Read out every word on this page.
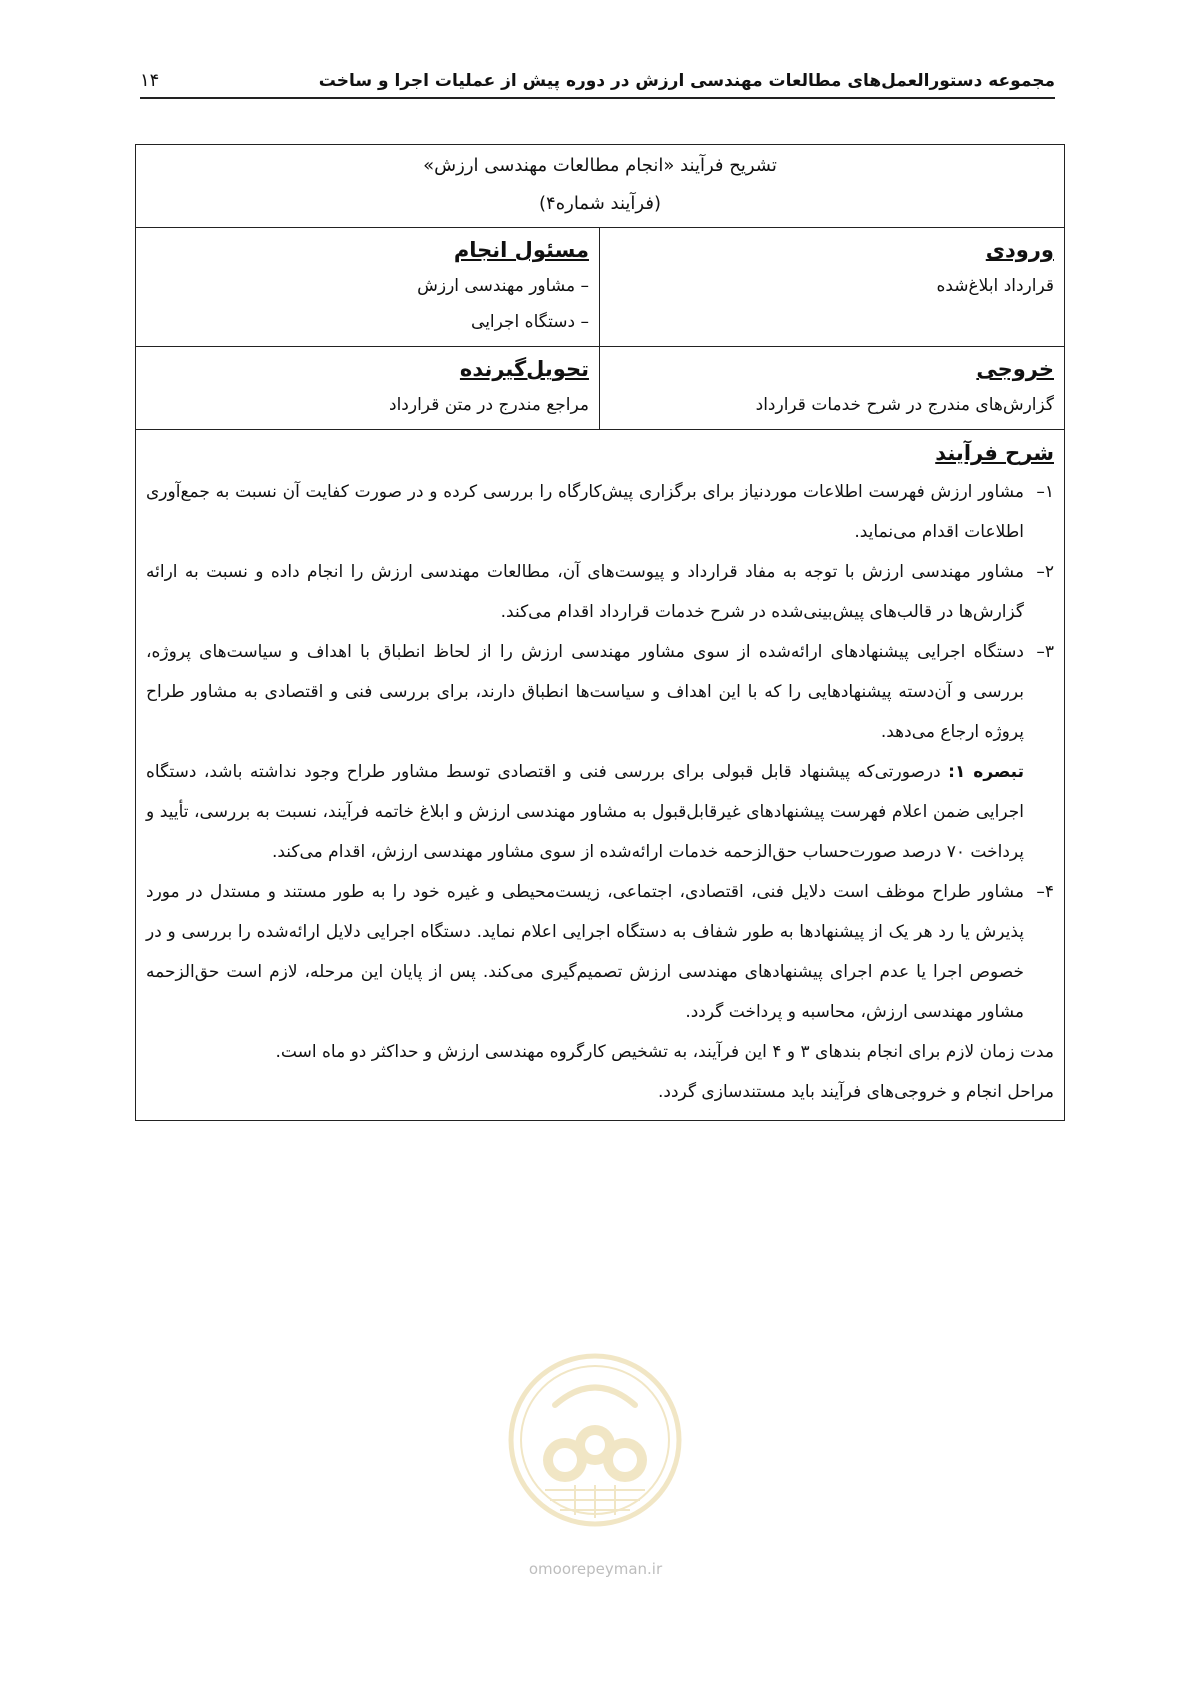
مجموعه دستورالعمل‌های مطالعات مهندسی ارزش در دوره پیش از عملیات اجرا و ساخت
۱۴
تشریح فرآیند «انجام مطالعات مهندسی ارزش»
(فرآیند شماره۴)
ورودی
قرارداد ابلاغ‌شده
مسئول انجام
– مشاور مهندسی ارزش
– دستگاه اجرایی
خروجی
گزارش‌های مندرج در شرح خدمات قرارداد
تحویل‌گیرنده
مراجع مندرج در متن قرارداد
شرح فرآیند
۱–
مشاور ارزش فهرست اطلاعات موردنیاز برای برگزاری پیش‌کارگاه را بررسی کرده و در صورت کفایت آن نسبت به جمع‌آوری اطلاعات اقدام می‌نماید.
۲–
مشاور مهندسی ارزش با توجه به مفاد قرارداد و پیوست‌های آن، مطالعات مهندسی ارزش را انجام داده و نسبت به ارائه گزارش‌ها در قالب‌های پیش‌بینی‌شده در شرح خدمات قرارداد اقدام می‌کند.
۳–
دستگاه اجرایی پیشنهادهای ارائه‌شده از سوی مشاور مهندسی ارزش را از لحاظ انطباق با اهداف و سیاست‌های پروژه، بررسی و آن‌دسته پیشنهادهایی را که با این اهداف و سیاست‌ها انطباق دارند، برای بررسی فنی و اقتصادی به مشاور طراح پروژه ارجاع می‌دهد.
تبصره ۱: درصورتی‌که پیشنهاد قابل قبولی برای بررسی فنی و اقتصادی توسط مشاور طراح وجود نداشته باشد، دستگاه اجرایی ضمن اعلام فهرست پیشنهادهای غیرقابل‌قبول به مشاور مهندسی ارزش و ابلاغ خاتمه فرآیند، نسبت به بررسی، تأیید و پرداخت ۷۰ درصد صورت‌حساب حق‌الزحمه خدمات ارائه‌شده از سوی مشاور مهندسی ارزش، اقدام می‌کند.
۴–
مشاور طراح موظف است دلایل فنی، اقتصادی، اجتماعی، زیست‌محیطی و غیره خود را به طور مستند و مستدل در مورد پذیرش یا رد هر یک از پیشنهادها به طور شفاف به دستگاه اجرایی اعلام نماید. دستگاه اجرایی دلایل ارائه‌شده را بررسی و در خصوص اجرا یا عدم اجرای پیشنهادهای مهندسی ارزش تصمیم‌گیری می‌کند. پس از پایان این مرحله، لازم است حق‌الزحمه مشاور مهندسی ارزش، محاسبه و پرداخت گردد.
مدت زمان لازم برای انجام بندهای ۳ و ۴ این فرآیند، به تشخیص کارگروه مهندسی ارزش و حداکثر دو ماه است.
مراحل انجام و خروجی‌های فرآیند باید مستندسازی گردد.
omoorepeyman.ir
